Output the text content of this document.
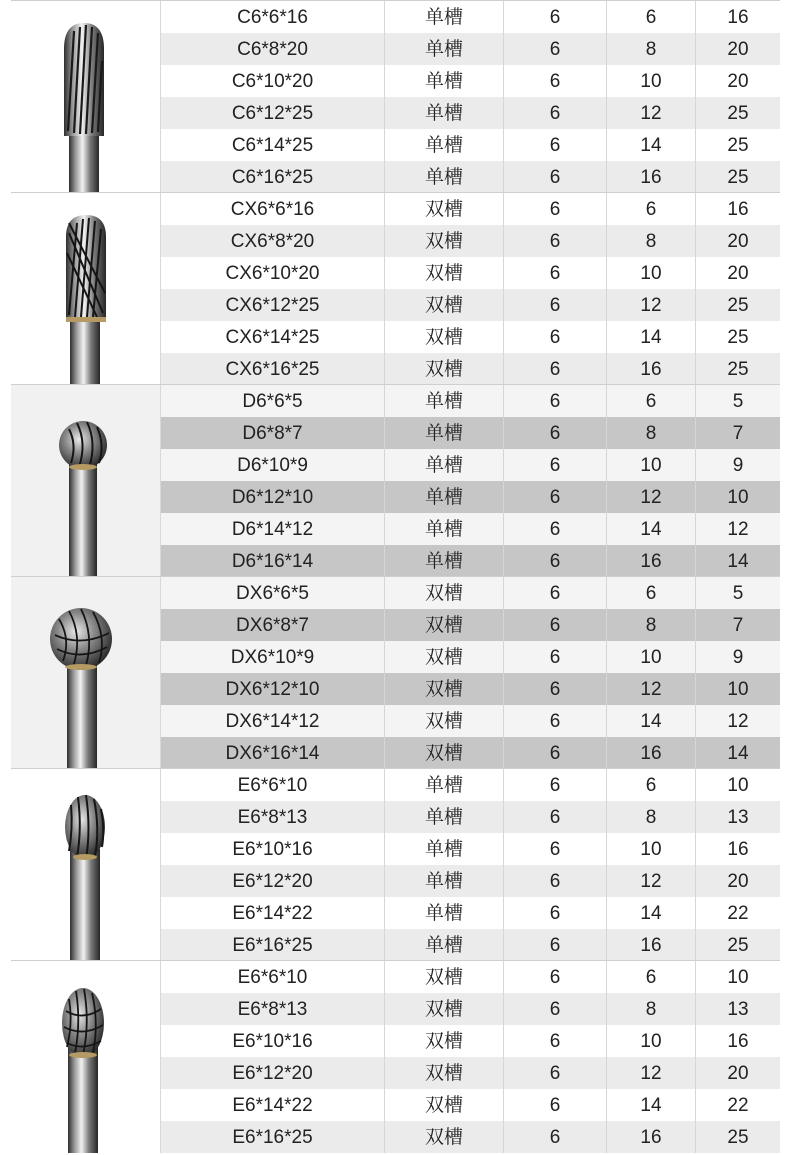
C6*6*16	单槽	6	6	16
C6*8*20	单槽	6	8	20
C6*10*20	单槽	6	10	20
C6*12*25	单槽	6	12	25
C6*14*25	单槽	6	14	25
C6*16*25	单槽	6	16	25
CX6*6*16	双槽	6	6	16
CX6*8*20	双槽	6	8	20
CX6*10*20	双槽	6	10	20
CX6*12*25	双槽	6	12	25
CX6*14*25	双槽	6	14	25
CX6*16*25	双槽	6	16	25
D6*6*5	单槽	6	6	5
D6*8*7	单槽	6	8	7
D6*10*9	单槽	6	10	9
D6*12*10	单槽	6	12	10
D6*14*12	单槽	6	14	12
D6*16*14	单槽	6	16	14
DX6*6*5	双槽	6	6	5
DX6*8*7	双槽	6	8	7
DX6*10*9	双槽	6	10	9
DX6*12*10	双槽	6	12	10
DX6*14*12	双槽	6	14	12
DX6*16*14	双槽	6	16	14
E6*6*10	单槽	6	6	10
E6*8*13	单槽	6	8	13
E6*10*16	单槽	6	10	16
E6*12*20	单槽	6	12	20
E6*14*22	单槽	6	14	22
E6*16*25	单槽	6	16	25
E6*6*10	双槽	6	6	10
E6*8*13	双槽	6	8	13
E6*10*16	双槽	6	10	16
E6*12*20	双槽	6	12	20
E6*14*22	双槽	6	14	22
E6*16*25	双槽	6	16	25
